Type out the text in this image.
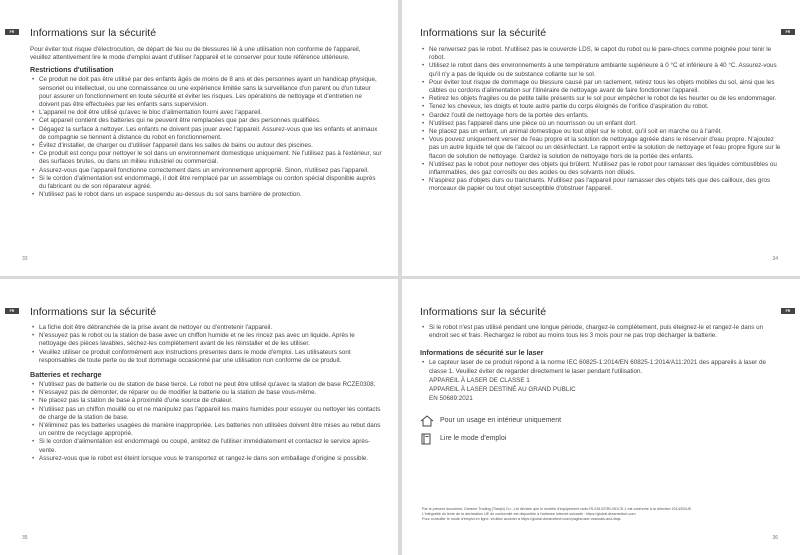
FR	Informations sur la sécurité

Pour éviter tout risque d'électrocution, de départ de feu ou de blessures lié à une utilisation non conforme de l'appareil, veuillez attentivement lire le mode d'emploi avant d'utiliser l'appareil et le conserver pour toute référence ultérieure.

Restrictions d'utilisation
• Ce produit ne doit pas être utilisé par des enfants âgés de moins de 8 ans et des personnes ayant un handicap physique, sensoriel ou intellectuel, ou une connaissance ou une expérience limitée sans la surveillance d'un parent ou d'un tuteur pour assurer un fonctionnement en toute sécurité et éviter les risques. Les opérations de nettoyage et d'entretien ne doivent pas être effectuées par les enfants sans supervision.
• L'appareil ne doit être utilisé qu'avec le bloc d'alimentation fourni avec l'appareil.
• Cet appareil contient des batteries qui ne peuvent être remplacées que par des personnes qualifiées.
• Dégagez la surface à nettoyer. Les enfants ne doivent pas jouer avec l'appareil. Assurez-vous que les enfants et animaux de compagnie se tiennent à distance du robot en fonctionnement.
• Évitez d'installer, de charger ou d'utiliser l'appareil dans les salles de bains ou autour des piscines.
• Ce produit est conçu pour nettoyer le sol dans un environnement domestique uniquement. Ne l'utilisez pas à l'extérieur, sur des surfaces brutes, ou dans un milieu industriel ou commercial.
• Assurez-vous que l'appareil fonctionne correctement dans un environnement approprié. Sinon, n'utilisez pas l'appareil.
• Si le cordon d'alimentation est endommagé, il doit être remplacé par un assemblage ou cordon spécial disponible auprès du fabricant ou de son réparateur agréé.
• N'utilisez pas le robot dans un espace suspendu au-dessus du sol sans barrière de protection.
33
FR
Informations sur la sécurité
• Ne renversez pas le robot. N'utilisez pas le couvercle LDS, le capot du robot ou le pare-chocs comme poignée pour tenir le robot.
• Utilisez le robot dans des environnements à une température ambiante supérieure à 0 °C et inférieure à 40 °C. Assurez-vous qu'il n'y a pas de liquide ou de substance collante sur le sol.
• Pour éviter tout risque de dommage ou blessure causé par un raclement, retirez tous les objets mobiles du sol, ainsi que les câbles ou cordons d'alimentation sur l'itinéraire de nettoyage avant de faire fonctionner l'appareil.
• Retirez les objets fragiles ou de petite taille présents sur le sol pour empêcher le robot de les heurter ou de les endommager.
• Tenez les cheveux, les doigts et toute autre partie du corps éloignés de l'orifice d'aspiration du robot.
• Gardez l'outil de nettoyage hors de la portée des enfants.
• N'utilisez pas l'appareil dans une pièce où un nourrisson ou un enfant dort.
• Ne placez pas un enfant, un animal domestique ou tout objet sur le robot, qu'il soit en marche ou à l'arrêt.
• Vous pouvez uniquement verser de l'eau propre et la solution de nettoyage agréée dans le réservoir d'eau propre. N'ajoutez pas un autre liquide tel que de l'alcool ou un désinfectant. Le rapport entre la solution de nettoyage et l'eau propre figure sur le flacon de solution de nettoyage. Gardez la solution de nettoyage hors de la portée des enfants.
• N'utilisez pas le robot pour nettoyer des objets qui brûlent. N'utilisez pas le robot pour ramasser des liquides combustibles ou inflammables, des gaz corrosifs ou des acides ou des solvants non dilués.
• N'aspirez pas d'objets durs ou tranchants. N'utilisez pas l'appareil pour ramasser des objets tels que des cailloux, des gros morceaux de papier ou tout objet susceptible d'obstruer l'appareil.
34
FR	Informations sur la sécurité
• La fiche doit être débranchée de la prise avant de nettoyer ou d'entretenir l'appareil.
• N'essuyez pas le robot ou la station de base avec un chiffon humide et ne les rincez pas avec un liquide. Après le nettoyage des pièces lavables, séchez-les complètement avant de les réinstaller et de les utiliser.
• Veuillez utiliser ce produit conformément aux instructions présentes dans le mode d'emploi. Les utilisateurs sont responsables de toute perte ou de tout dommage occasionné par une utilisation non conforme de ce produit.
Batteries et recharge
• N'utilisez pas de batterie ou de station de base tierce. Le robot ne peut être utilisé qu'avec la station de base RCZE0308.
• N'essayez pas de démonter, de réparer ou de modifier la batterie ou la station de base vous-même.
• Ne placez pas la station de base à proximité d'une source de chaleur.
• N'utilisez pas un chiffon mouillé ou et ne manipulez pas l'appareil les mains humides pour essuyer ou nettoyer les contacts de charge de la station de base.
• N'éliminez pas les batteries usagées de manière inappropriée. Les batteries non utilisées doivent être mises au rebut dans un centre de recyclage approprié.
• Si le cordon d'alimentation est endommagé ou coupé, arrêtez de l'utiliser immédiatement et contactez le service après-vente.
• Assurez-vous que le robot est éteint lorsque vous le transportez et rangez-le dans son emballage d'origine si possible.
35
FR
Informations sur la sécurité
• Si le robot n'est pas utilisé pendant une longue période, chargez-le complètement, puis éteignez-le et rangez-le dans un endroit sec et frais. Rechargez le robot au moins tous les 3 mois pour ne pas trop décharger la batterie.
Informations de sécurité sur le laser
• Le capteur laser de ce produit répond à la norme IEC 60825-1:2014/EN 60825-1:2014/A11:2021 des appareils à laser de classe 1. Veuillez éviter de regarder directement le laser pendant l'utilisation.
APPAREIL À LASER DE CLASSE 1
APPAREIL À LASER DESTINÉ AU GRAND PUBLIC
EN 50689:2021
Pour un usage en intérieur uniquement
Lire le mode d'emploi
Par le présent document, Dreame Trading (Tianjin) Co., Ltd déclare que le modèle d'équipement radio RLX61CE/RLX61CE-1 est conforme à la directive 2014/53/UE.
L'intégralité du texte de la déclaration UE de conformité est disponible à l'adresse Internet suivante : https://global.dreametech.com
Pour consulter le mode d'emploi en ligne, veuillez accéder à https://global.dreametech.com/pages/user-manuals-and-faqs
36
